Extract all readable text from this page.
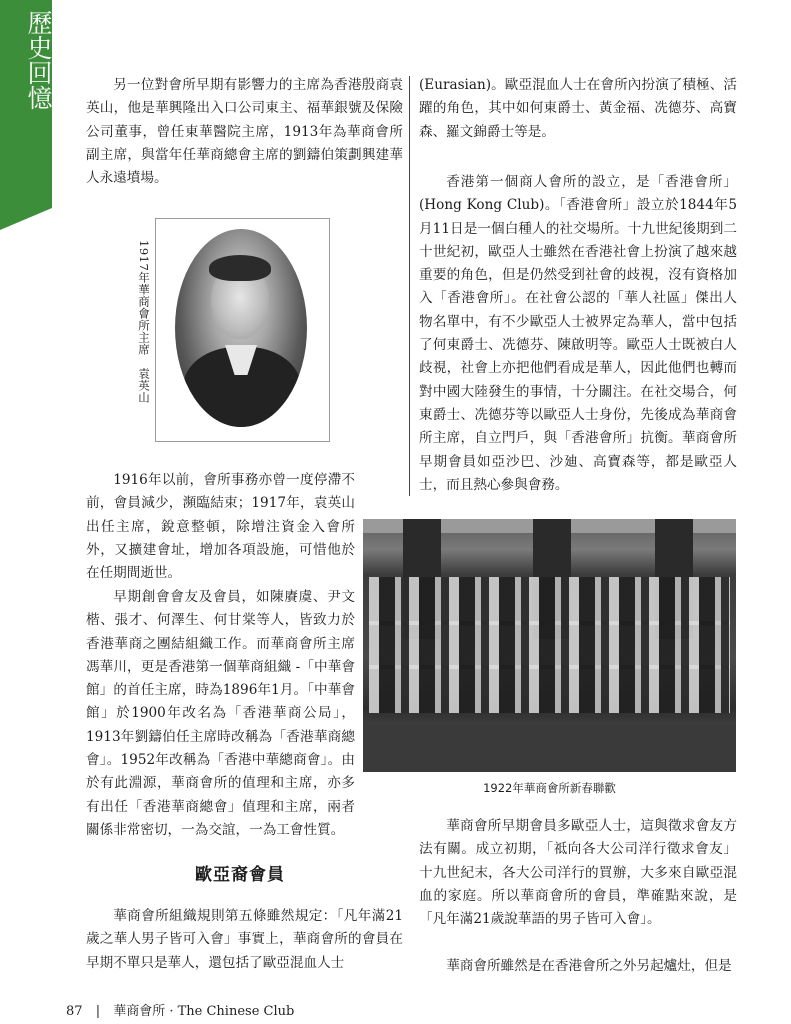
歷史回憶	另一位對會所早期有影響力的主席為香港殷商袁英山，他是華興隆出入口公司東主、福華銀號及保險公司董事，曾任東華醫院主席，1913年為華商會所副主席，與當年任華商總會主席的劉鑄伯策劃興建華人永遠墳場。

1917年華商會所主席　袁英山

1916年以前，會所事務亦曾一度停滯不前，會員減少，瀕臨結束；1917年，袁英山出任主席，銳意整頓，除增注資金入會所外，又擴建會址，增加各項設施，可惜他於在任期間逝世。

早期創會會友及會員，如陳賡虞、尹文楷、張才、何澤生、何甘棠等人，皆致力於香港華商之團結組織工作。而華商會所主席馮華川，更是香港第一個華商組織 -「中華會館」的首任主席，時為1896年1月。「中華會館」於1900年改名為「香港華商公局」，1913年劉鑄伯任主席時改稱為「香港華商總會」。1952年改稱為「香港中華總商會」。由於有此淵源，華商會所的值理和主席，亦多有出任「香港華商總會」值理和主席，兩者關係非常密切，一為交誼，一為工會性質。

歐亞裔會員

華商會所組織規則第五條雖然規定：「凡年滿21歲之華人男子皆可入會」事實上，華商會所的會員在早期不單只是華人，還包括了歐亞混血人士

(Eurasian)。歐亞混血人士在會所內扮演了積極、活躍的角色，其中如何東爵士、黃金福、冼德芬、高寶森、羅文錦爵士等是。

香港第一個商人會所的設立，是「香港會所」(Hong Kong Club)。「香港會所」設立於1844年5月11日是一個白種人的社交場所。十九世紀後期到二十世紀初，歐亞人士雖然在香港社會上扮演了越來越重要的角色，但是仍然受到社會的歧視，沒有資格加入「香港會所」。在社會公認的「華人社區」傑出人物名單中，有不少歐亞人士被界定為華人，當中包括了何東爵士、冼德芬、陳啟明等。歐亞人士既被白人歧視，社會上亦把他們看成是華人，因此他們也轉而對中國大陸發生的事情，十分關注。在社交場合，何東爵士、冼德芬等以歐亞人士身份，先後成為華商會所主席，自立門戶，與「香港會所」抗衡。華商會所早期會員如亞沙巴、沙廸、高寶森等，都是歐亞人士，而且熱心參與會務。

1922年華商會所新春聯歡

華商會所早期會員多歐亞人士，這與徵求會友方法有關。成立初期，「祗向各大公司洋行徵求會友」十九世紀末，各大公司洋行的買辦，大多來自歐亞混血的家庭。所以華商會所的會員，準確點來說，是「凡年滿21歲說華語的男子皆可入會」。

華商會所雖然是在香港會所之外另起爐灶，但是

87 | 華商會所 · The Chinese Club
